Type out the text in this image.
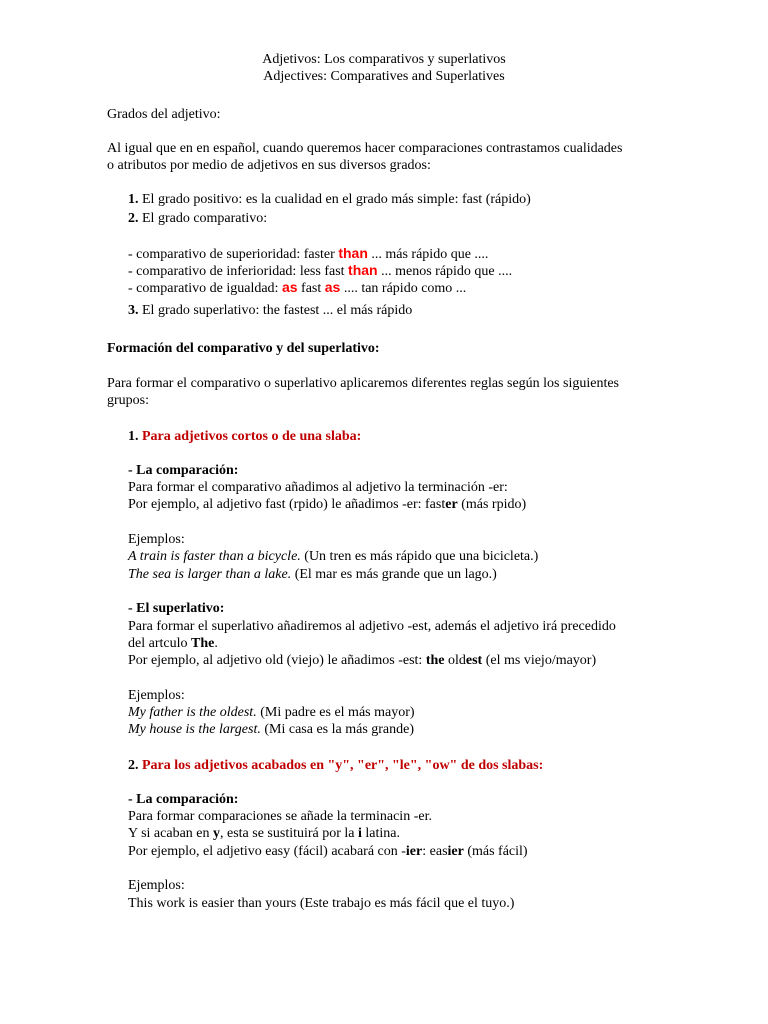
Adjetivos: Los comparativos y superlativos
Adjectives: Comparatives and Superlatives
Grados del adjetivo:
Al igual que en en español, cuando queremos hacer comparaciones contrastamos cualidades
o atributos por medio de adjetivos en sus diversos grados:
1. El grado positivo: es la cualidad en el grado más simple: fast (rápido)
2. El grado comparativo:
- comparativo de superioridad: faster than ... más rápido que ....
- comparativo de inferioridad: less fast than ... menos rápido que ....
- comparativo de igualdad: as fast as .... tan rápido como ...
3. El grado superlativo: the fastest ... el más rápido
Formación del comparativo y del superlativo:
Para formar el comparativo o superlativo aplicaremos diferentes reglas según los siguientes
grupos:
1. Para adjetivos cortos o de una slaba:
- La comparación:
Para formar el comparativo añadimos al adjetivo la terminación -er:
Por ejemplo, al adjetivo fast (rpido) le añadimos -er: faster (más rpido)
Ejemplos:
A train is faster than a bicycle. (Un tren es más rápido que una bicicleta.)
The sea is larger than a lake. (El mar es más grande que un lago.)
- El superlativo:
Para formar el superlativo añadiremos al adjetivo -est, además el adjetivo irá precedido
del artculo The.
Por ejemplo, al adjetivo old (viejo) le añadimos -est: the oldest (el ms viejo/mayor)
Ejemplos:
My father is the oldest. (Mi padre es el más mayor)
My house is the largest. (Mi casa es la más grande)
2. Para los adjetivos acabados en "y", "er", "le", "ow" de dos slabas:
- La comparación:
Para formar comparaciones se añade la terminacin -er.
Y si acaban en y, esta se sustituirá por la i latina.
Por ejemplo, el adjetivo easy (fácil) acabará con -ier: easier (más fácil)
Ejemplos:
This work is easier than yours (Este trabajo es más fácil que el tuyo.)
